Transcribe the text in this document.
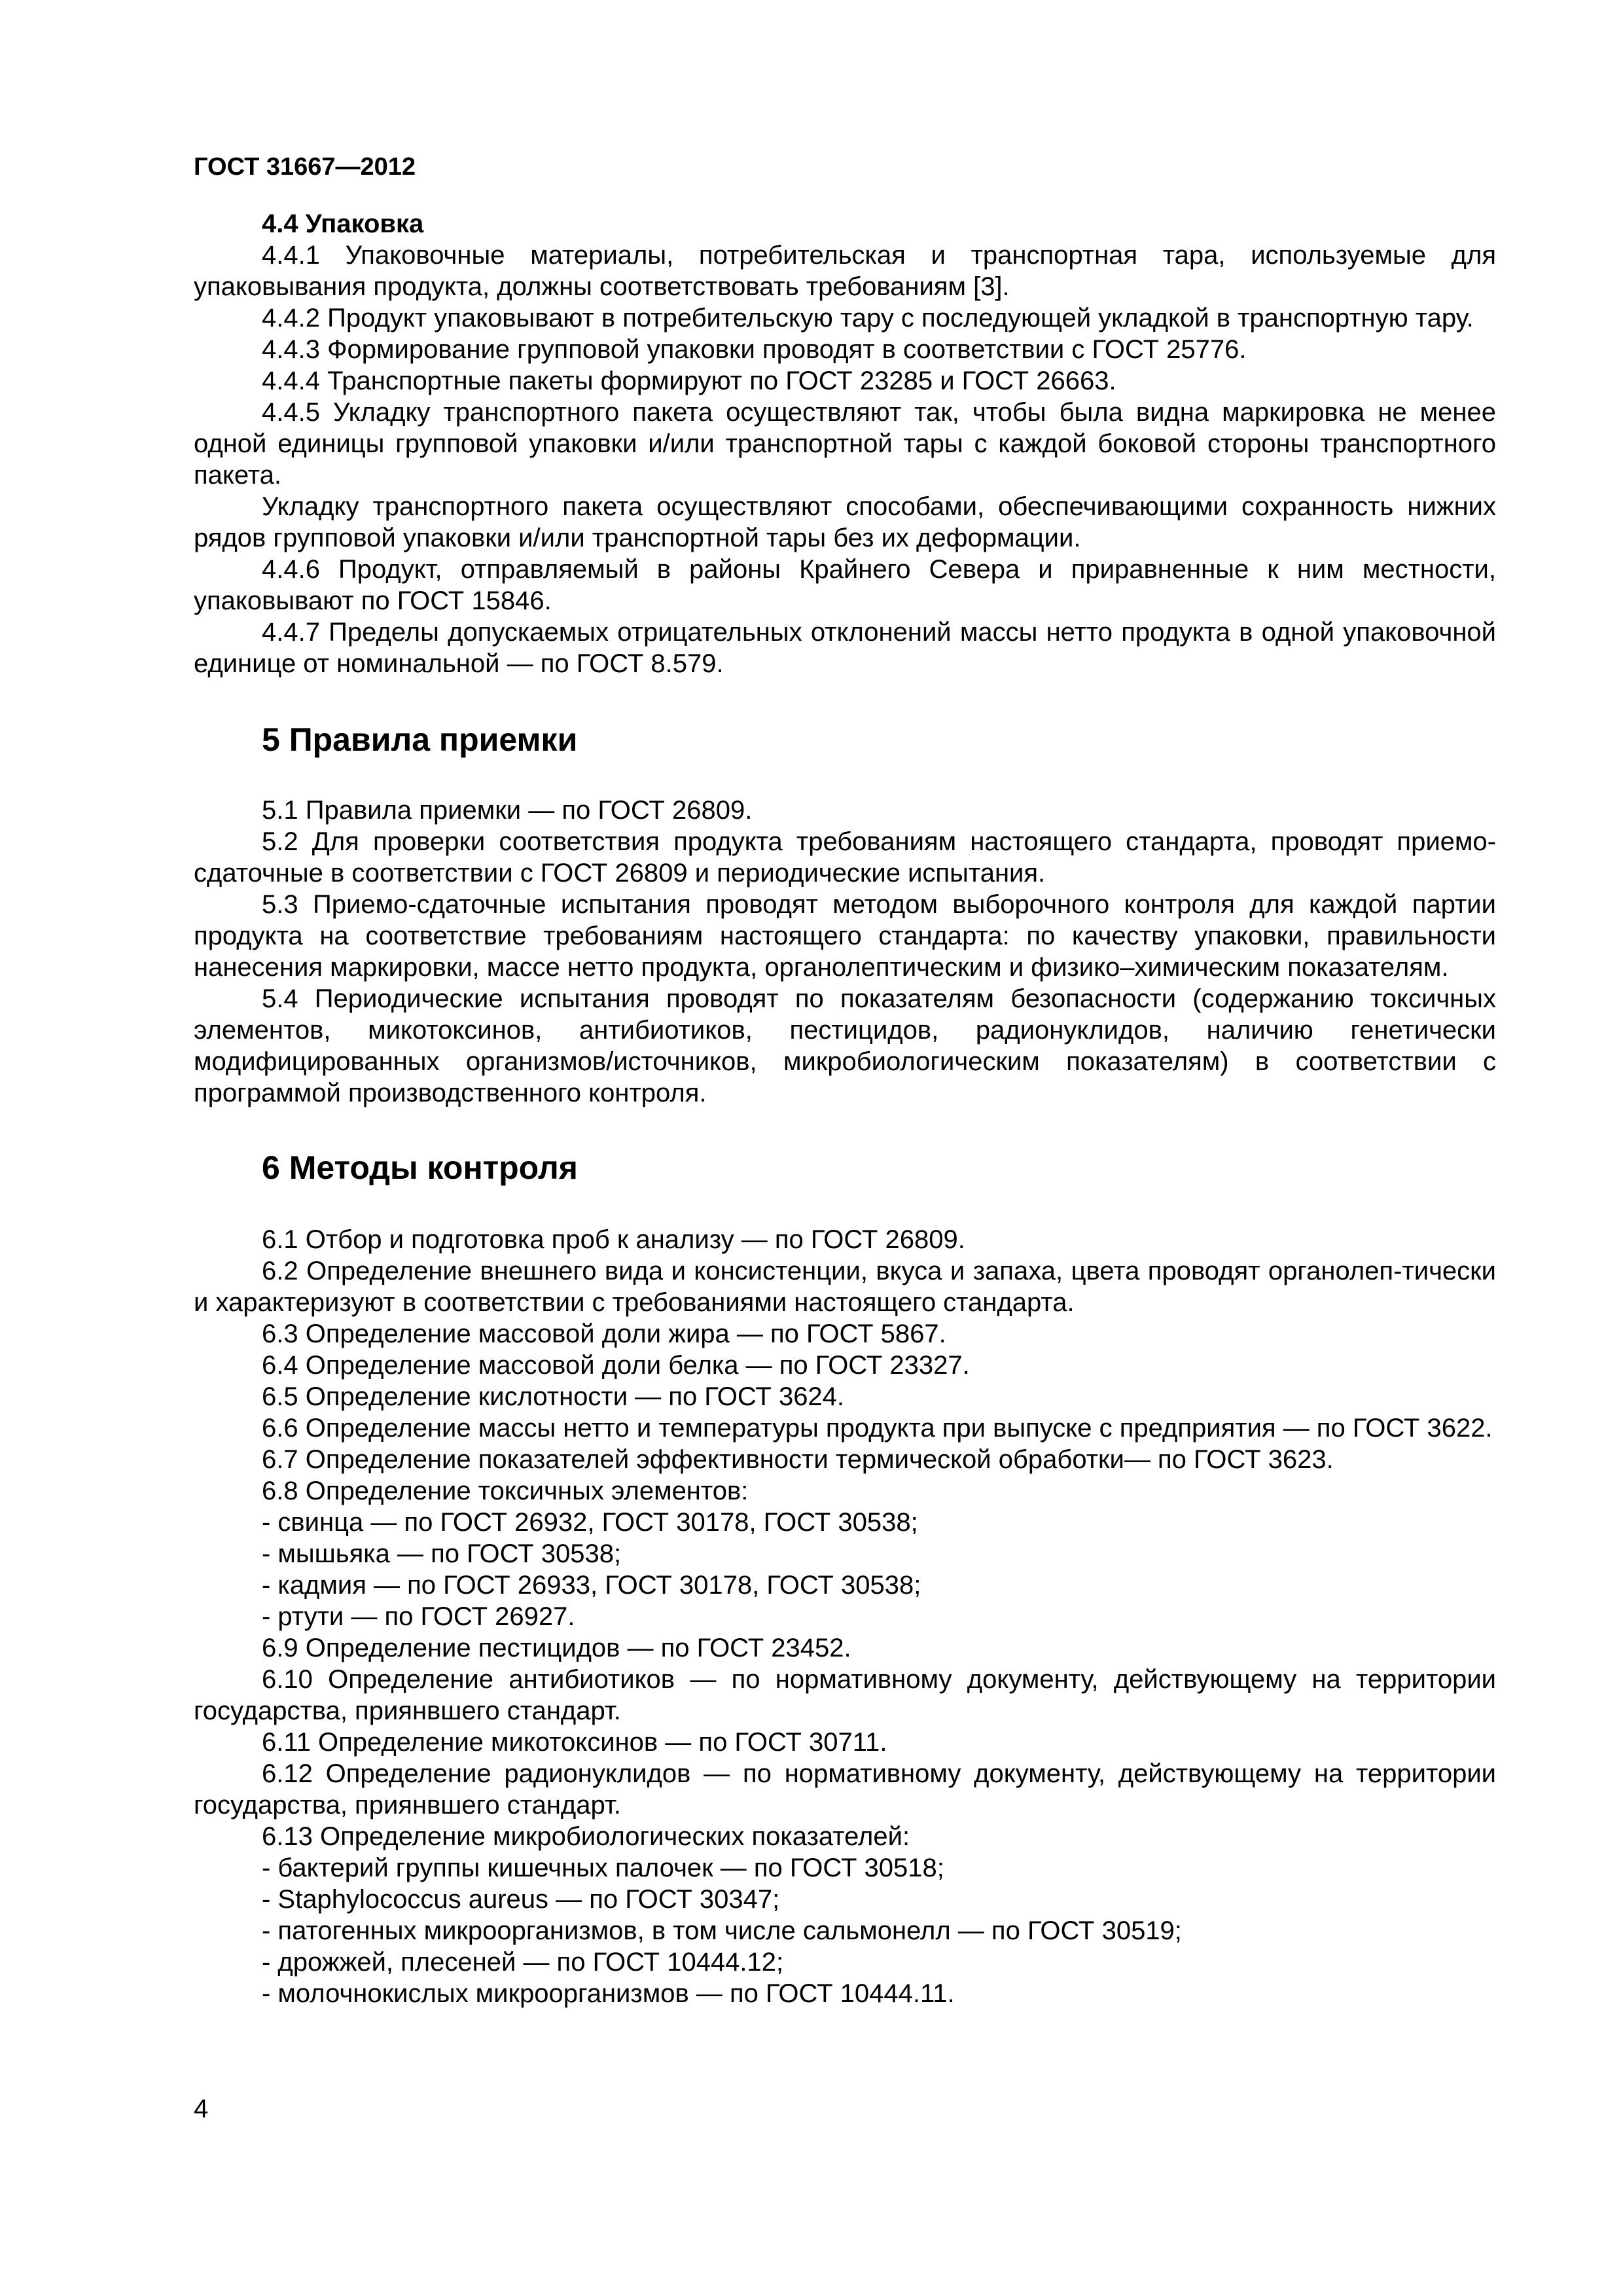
ГОСТ 31667—2012

4.4 Упаковка

4.4.1 Упаковочные материалы, потребительская и транспортная тара, используемые для упаковывания продукта, должны соответствовать требованиям [3].

4.4.2 Продукт упаковывают в потребительскую тару с последующей укладкой в транспортную тару.

4.4.3 Формирование групповой упаковки проводят в соответствии с ГОСТ 25776.

4.4.4 Транспортные пакеты формируют по ГОСТ 23285 и ГОСТ 26663.

4.4.5 Укладку транспортного пакета осуществляют так, чтобы была видна маркировка не менее одной единицы групповой упаковки и/или транспортной тары с каждой боковой стороны транспортного пакета.

Укладку транспортного пакета осуществляют способами, обеспечивающими сохранность нижних рядов групповой упаковки и/или транспортной тары без их деформации.

4.4.6 Продукт, отправляемый в районы Крайнего Севера и приравненные к ним местности, упаковывают по ГОСТ 15846.

4.4.7 Пределы допускаемых отрицательных отклонений массы нетто продукта в одной упаковочной единице от номинальной — по ГОСТ 8.579.

5 Правила приемки

5.1 Правила приемки — по ГОСТ 26809.

5.2 Для проверки соответствия продукта требованиям настоящего стандарта, проводят приемо-сдаточные в соответствии с ГОСТ 26809 и периодические испытания.

5.3 Приемо-сдаточные испытания проводят методом выборочного контроля для каждой партии продукта на соответствие требованиям настоящего стандарта: по качеству упаковки, правильности нанесения маркировки, массе нетто продукта, органолептическим и физико–химическим показателям.

5.4 Периодические испытания проводят по показателям безопасности (содержанию токсичных элементов, микотоксинов, антибиотиков, пестицидов, радионуклидов, наличию генетически модифицированных организмов/источников, микробиологическим показателям) в соответствии с программой производственного контроля.

6 Методы контроля

6.1 Отбор и подготовка проб к анализу — по ГОСТ 26809.

6.2 Определение внешнего вида и консистенции, вкуса и запаха, цвета проводят органолеп-тически и характеризуют в соответствии с требованиями настоящего стандарта.

6.3 Определение массовой доли жира — по ГОСТ 5867.

6.4 Определение массовой доли белка — по ГОСТ 23327.

6.5 Определение кислотности — по ГОСТ 3624.

6.6 Определение массы нетто и температуры продукта при выпуске с предприятия — по ГОСТ 3622.

6.7 Определение показателей эффективности термической обработки— по ГОСТ 3623.

6.8 Определение токсичных элементов:

- свинца — по ГОСТ 26932, ГОСТ 30178, ГОСТ 30538;

- мышьяка — по ГОСТ 30538;

- кадмия — по ГОСТ 26933, ГОСТ 30178, ГОСТ 30538;

- ртути — по ГОСТ 26927.

6.9 Определение пестицидов — по ГОСТ 23452.

6.10 Определение антибиотиков — по нормативному документу, действующему на территории государства, приянвшего стандарт.

6.11 Определение микотоксинов — по ГОСТ 30711.

6.12 Определение радионуклидов — по нормативному документу, действующему на территории государства, приянвшего стандарт.

6.13 Определение микробиологических показателей:

- бактерий группы кишечных палочек — по ГОСТ 30518;

- Staphylococcus aureus — по ГОСТ 30347;

- патогенных микроорганизмов, в том числе сальмонелл — по ГОСТ 30519;

- дрожжей, плесеней — по ГОСТ 10444.12;

- молочнокислых микроорганизмов — по ГОСТ 10444.11.

4
